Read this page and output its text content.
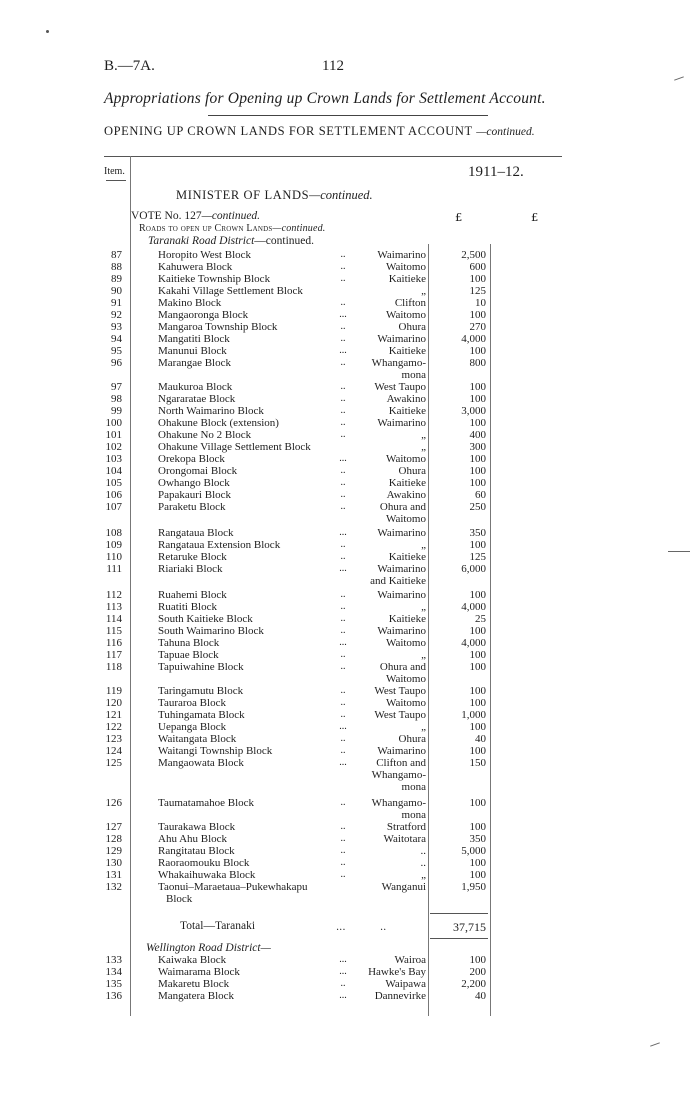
B.—7A.	112
Appropriations for Opening up Crown Lands for Settlement Account.
OPENING UP CROWN LANDS FOR SETTLEMENT ACCOUNT —continued.
Item.	1911–12.
MINISTER OF LANDS—continued.
VOTE No. 127—continued.	£	£
Roads to open up Crown Lands—continued.
Taranaki Road District—continued.
87	Horopito West Block	..	Waimarino	2,500
88	Kahuwera Block	..	Waitomo	600
89	Kaitieke Township Block	..	Kaitieke	100
90	Kakahi Village Settlement Block	„	125
91	Makino Block	..	Clifton	10
92	Mangaoronga Block	...	Waitomo	100
93	Mangaroa Township Block	..	Ohura	270
94	Mangatiti Block	..	Waimarino	4,000
95	Manunui Block	...	Kaitieke	100
96	Marangae Block	..	Whangamo-	800
mona
97	Maukuroa Block	..	West Taupo	100
98	Ngararatae Block	..	Awakino	100
99	North Waimarino Block	..	Kaitieke	3,000
100	Ohakune Block (extension)	..	Waimarino	100
101	Ohakune No 2 Block	..	„	400
102	Ohakune Village Settlement Block	„	300
103	Orekopa Block	...	Waitomo	100
104	Orongomai Block	..	Ohura	100
105	Owhango Block	..	Kaitieke	100
106	Papakauri Block	..	Awakino	60
107	Paraketu Block	..	Ohura and	250
Waitomo
108	Rangataua Block	...	Waimarino	350
109	Rangataua Extension Block	..	„	100
110	Retaruke Block	..	Kaitieke	125
111	Riariaki Block	...	Waimarino	6,000
and Kaitieke
112	Ruahemi Block	..	Waimarino	100
113	Ruatiti Block	..	„	4,000
114	South Kaitieke Block	..	Kaitieke	25
115	South Waimarino Block	..	Waimarino	100
116	Tahuna Block	...	Waitomo	4,000
117	Tapuae Block	..	„	100
118	Tapuiwahine Block	..	Ohura and	100
Waitomo
119	Taringamutu Block	..	West Taupo	100
120	Tauraroa Block	..	Waitomo	100
121	Tuhingamata Block	..	West Taupo	1,000
122	Uepanga Block	...	„	100
123	Waitangata Block	..	Ohura	40
124	Waitangi Township Block	..	Waimarino	100
125	Mangaowata Block	...	Clifton and	150
Whangamo-
mona
126	Taumatamahoe Block	..	Whangamo-	100
mona
127	Taurakawa Block	..	Stratford	100
128	Ahu Ahu Block	..	Waitotara	350
129	Rangitatau Block	..	..	5,000
130	Raoraomouku Block	..	..	100
131	Whakaihuwaka Block	..	„	100
132	Taonui–Maraetaua–Pukewhakapu	Wanganui	1,950
Block
Total—Taranaki	...	..	37,715
Wellington Road District—
133	Kaiwaka Block	...	Wairoa	100
134	Waimarama Block	...	Hawke's Bay	200
135	Makaretu Block	..	Waipawa	2,200
136	Mangatera Block	...	Dannevirke	40
